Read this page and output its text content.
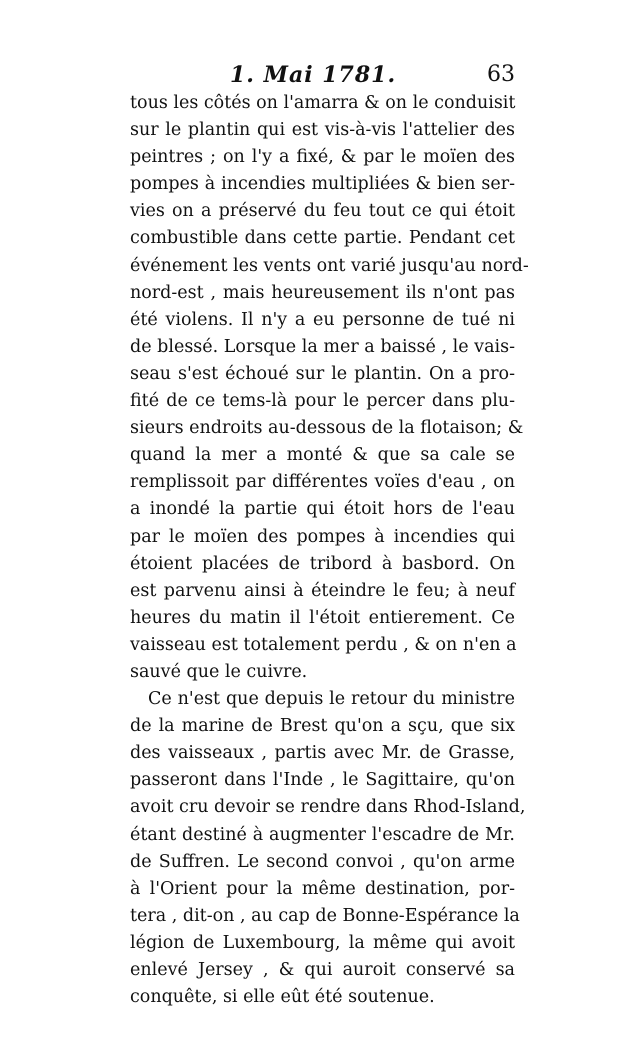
1. Mai 1781.	63
tous les côtés on l'amarra & on le conduisit
sur le plantin qui est vis-à-vis l'attelier des
peintres ; on l'y a fixé, & par le moïen des
pompes à incendies multipliées & bien ser-
vies on a préservé du feu tout ce qui étoit
combustible dans cette partie. Pendant cet
événement les vents ont varié jusqu'au nord-
nord-est , mais heureusement ils n'ont pas
été violens. Il n'y a eu personne de tué ni
de blessé. Lorsque la mer a baissé , le vais-
seau s'est échoué sur le plantin. On a pro-
fité de ce tems-là pour le percer dans plu-
sieurs endroits au-dessous de la flotaison; &
quand la mer a monté & que sa cale se
remplissoit par différentes voïes d'eau , on
a inondé la partie qui étoit hors de l'eau
par le moïen des pompes à incendies qui
étoient placées de tribord à basbord. On
est parvenu ainsi à éteindre le feu; à neuf
heures du matin il l'étoit entierement. Ce
vaisseau est totalement perdu , & on n'en a
sauvé que le cuivre.
Ce n'est que depuis le retour du ministre
de la marine de Brest qu'on a sçu, que six
des vaisseaux , partis avec Mr. de Grasse,
passeront dans l'Inde , le Sagittaire, qu'on
avoit cru devoir se rendre dans Rhod-Island,
étant destiné à augmenter l'escadre de Mr.
de Suffren. Le second convoi , qu'on arme
à l'Orient pour la même destination, por-
tera , dit-on , au cap de Bonne-Espérance la
légion de Luxembourg, la même qui avoit
enlevé Jersey , & qui auroit conservé sa
conquête, si elle eût été soutenue.
